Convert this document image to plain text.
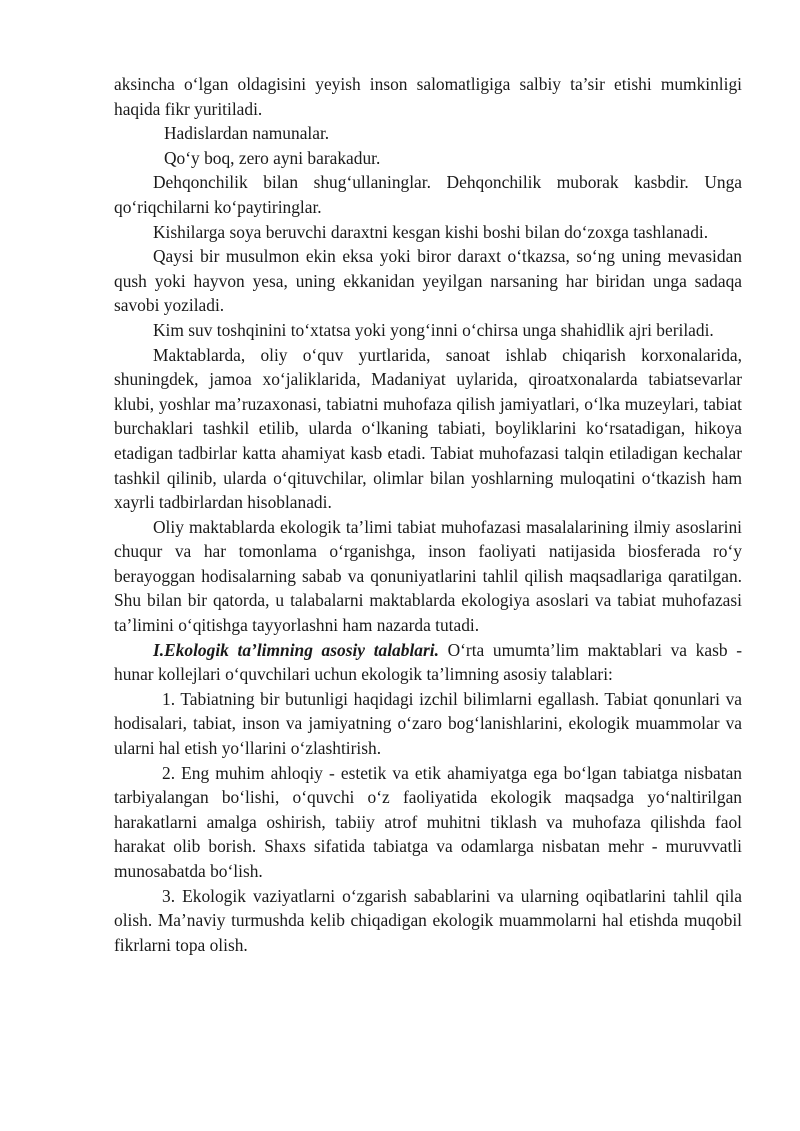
aksincha o‘lgan oldagisini yeyish inson salomatligiga salbiy ta’sir etishi mumkinligi haqida fikr yuritiladi.

Hadislardan namunalar.

Qo‘y boq, zero ayni barakadur.

Dehqonchilik bilan shug‘ullaninglar. Dehqonchilik muborak kasbdir. Unga qo‘riqchilarni ko‘paytiringlar.

Kishilarga soya beruvchi daraxtni kesgan kishi boshi bilan do‘zoxga tashlanadi.

Qaysi bir musulmon ekin eksa yoki biror daraxt o‘tkazsa, so‘ng uning mevasidan qush yoki hayvon yesa, uning ekkanidan yeyilgan narsaning har biridan unga sadaqa savobi yoziladi.

Kim suv toshqinini to‘xtatsa yoki yong‘inni o‘chirsa unga shahidlik ajri beriladi.

Maktablarda, oliy o‘quv yurtlarida, sanoat ishlab chiqarish korxonalarida, shuningdek, jamoa xo‘jaliklarida, Madaniyat uylarida, qiroatxonalarda tabiatsevarlar klubi, yoshlar ma’ruzaxonasi, tabiatni muhofaza qilish jamiyatlari, o‘lka muzeylari, tabiat burchaklari tashkil etilib, ularda o‘lkaning tabiati, boyliklarini ko‘rsatadigan, hikoya etadigan tadbirlar katta ahamiyat kasb etadi. Tabiat muhofazasi talqin etiladigan kechalar tashkil qilinib, ularda o‘qituvchilar, olimlar bilan yoshlarning muloqatini o‘tkazish ham xayrli tadbirlardan hisoblanadi.

Oliy maktablarda ekologik ta’limi tabiat muhofazasi masalalarining ilmiy asoslarini chuqur va har tomonlama o‘rganishga, inson faoliyati natijasida biosferada ro‘y berayoggan hodisalarning sabab va qonuniyatlarini tahlil qilish maqsadlariga qaratilgan. Shu bilan bir qatorda, u talabalarni maktablarda ekologiya asoslari va tabiat muhofazasi ta’limini o‘qitishga tayyorlashni ham nazarda tutadi.

I.Ekologik ta’limning asosiy talablari. O‘rta umumta’lim maktablari va kasb - hunar kollejlari o‘quvchilari uchun ekologik ta’limning asosiy talablari:

1. Tabiatning bir butunligi haqidagi izchil bilimlarni egallash. Tabiat qonunlari va hodisalari, tabiat, inson va jamiyatning o‘zaro bog‘lanishlarini, ekologik muammolar va ularni hal etish yo‘llarini o‘zlashtirish.

2. Eng muhim ahloqiy - estetik va etik ahamiyatga ega bo‘lgan tabiatga nisbatan tarbiyalangan bo‘lishi, o‘quvchi o‘z faoliyatida ekologik maqsadga yo‘naltirilgan harakatlarni amalga oshirish, tabiiy atrof muhitni tiklash va muhofaza qilishda faol harakat olib borish. Shaxs sifatida tabiatga va odamlarga nisbatan mehr - muruvvatli munosabatda bo‘lish.

3. Ekologik vaziyatlarni o‘zgarish sabablarini va ularning oqibatlarini tahlil qila olish. Ma’naviy turmushda kelib chiqadigan ekologik muammolarni hal etishda muqobil fikrlarni topa olish.
